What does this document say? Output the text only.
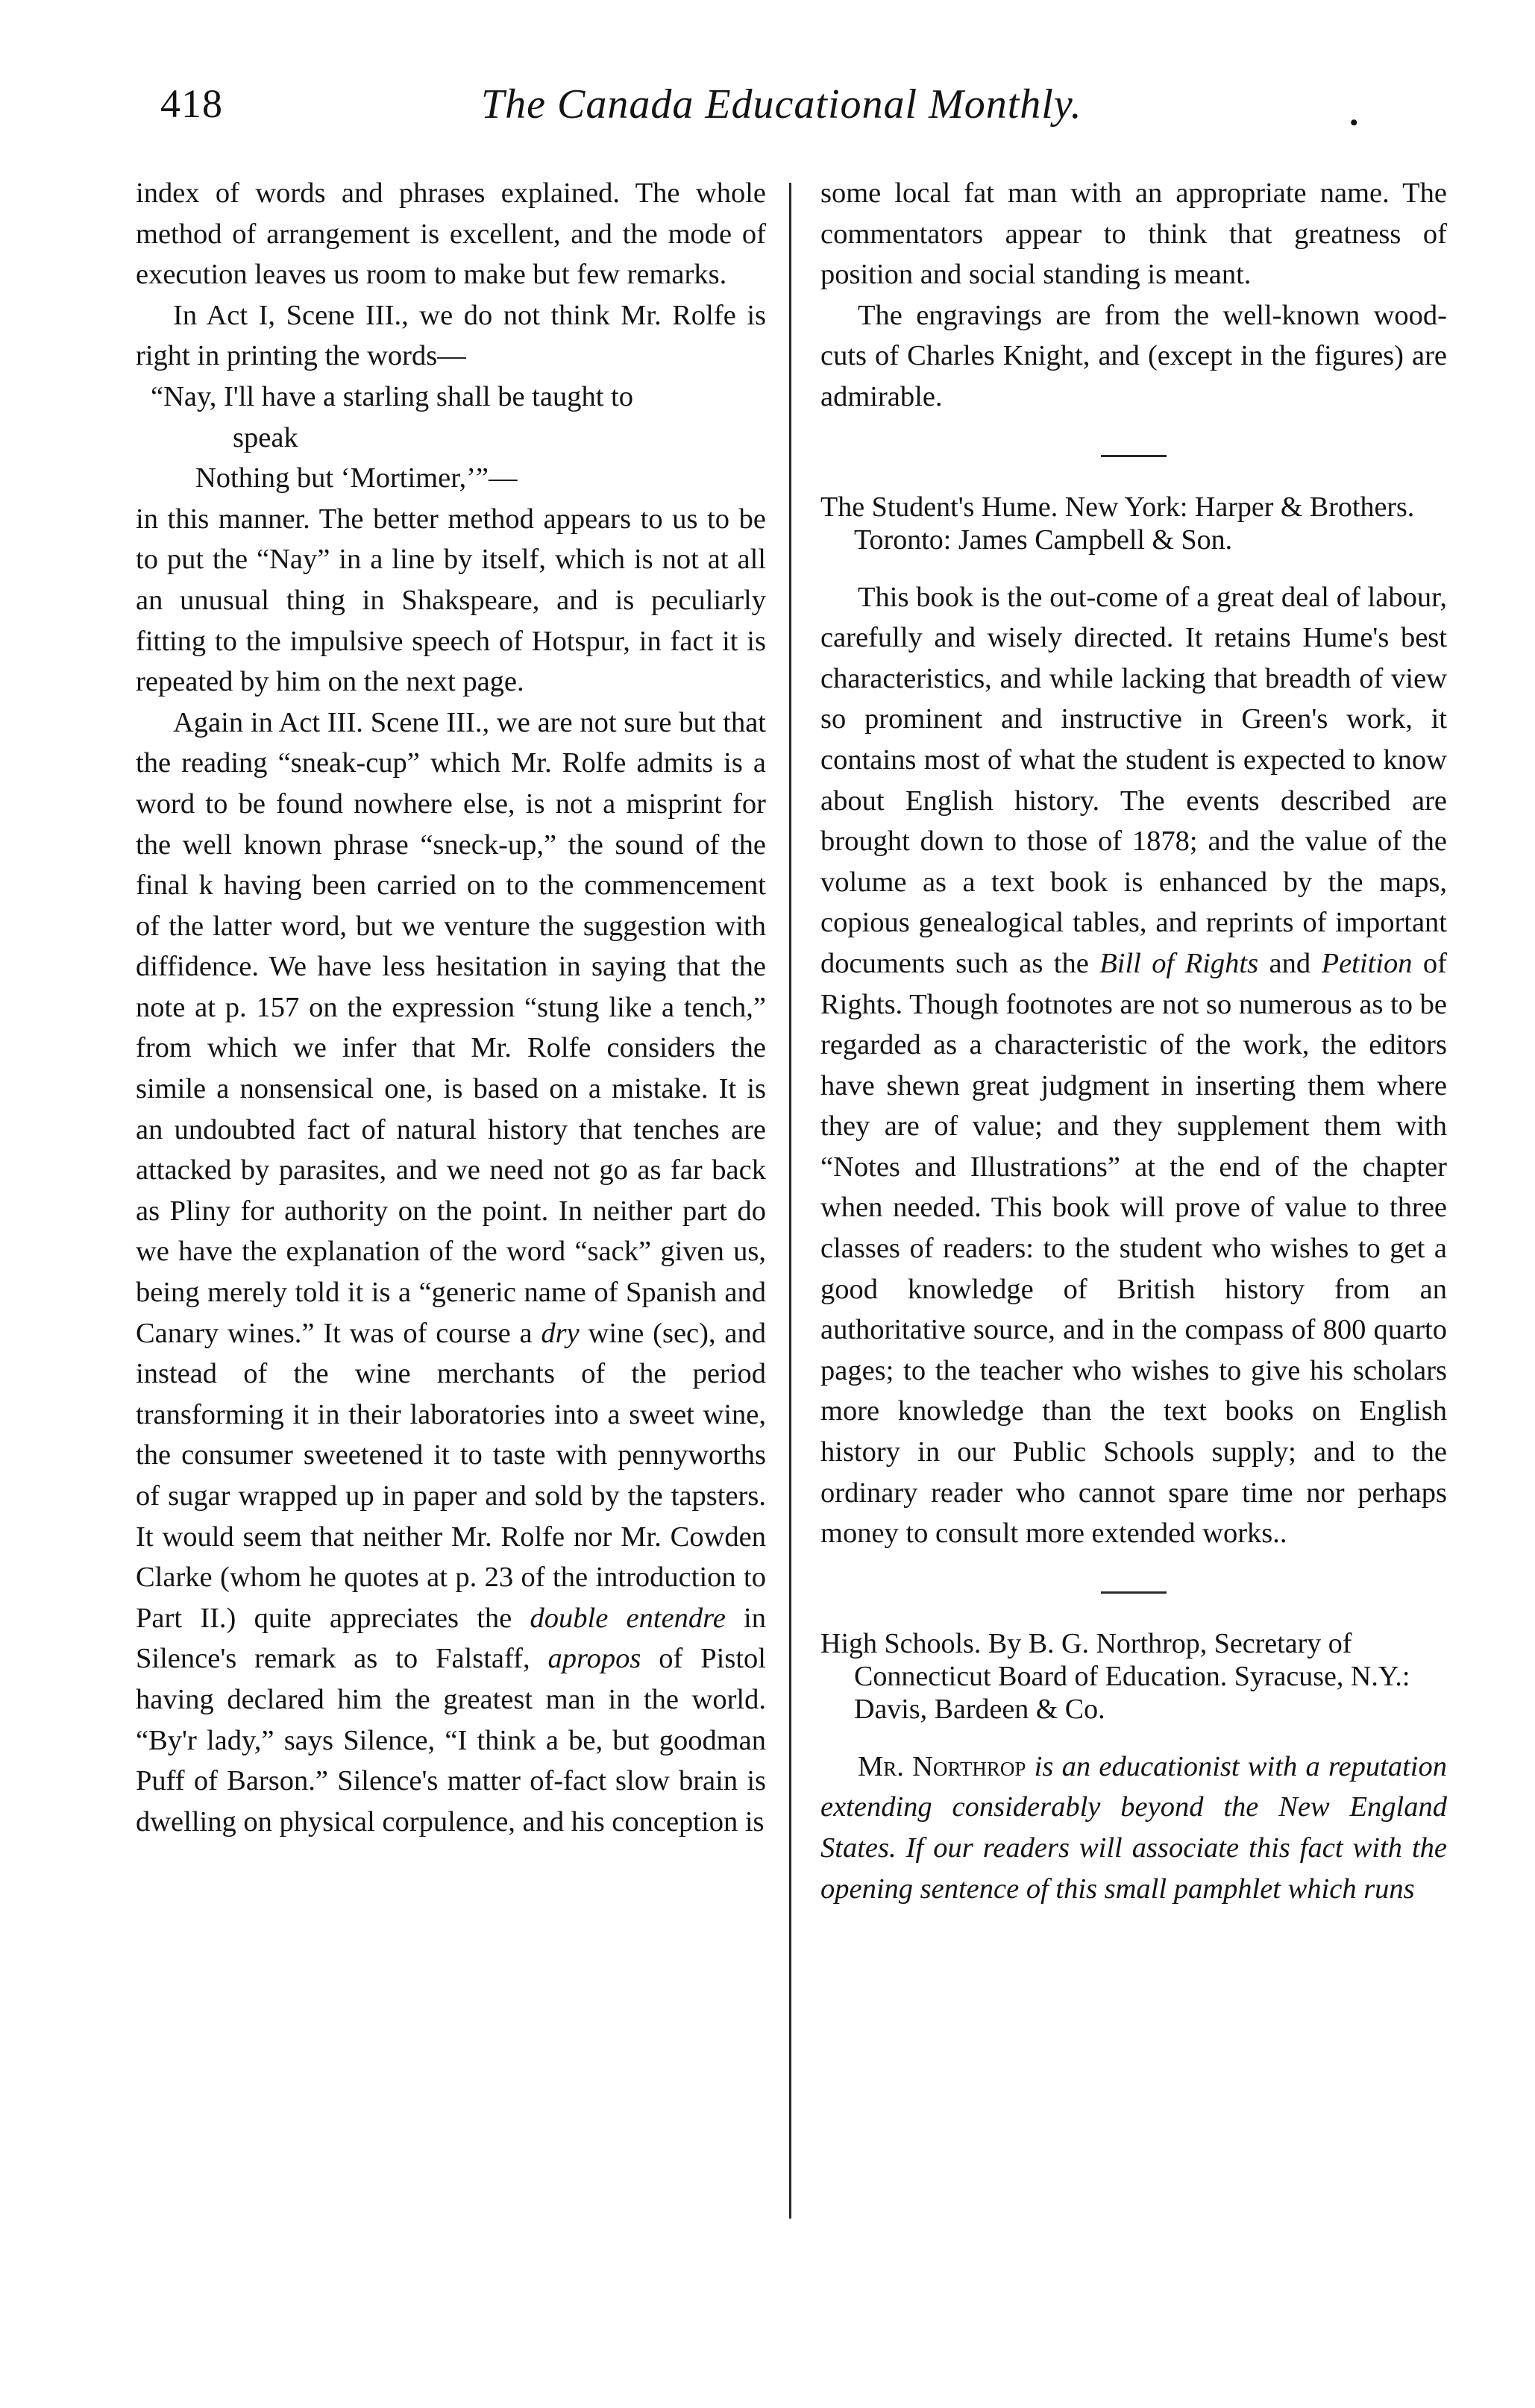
418	The Canada Educational Monthly.	•

index of words and phrases explained. The whole method of arrangement is excellent, and the mode of execution leaves us room to make but few remarks.

In Act I, Scene III., we do not think Mr. Rolfe is right in printing the words—

“Nay, I'll have a starling shall be taught to
speak
Nothing but ‘Mortimer,’”—

in this manner. The better method appears to us to be to put the “Nay” in a line by itself, which is not at all an unusual thing in Shakspeare, and is peculiarly fitting to the impulsive speech of Hotspur, in fact it is repeated by him on the next page.

Again in Act III. Scene III., we are not sure but that the reading “sneak-cup” which Mr. Rolfe admits is a word to be found nowhere else, is not a misprint for the well known phrase “sneck-up,” the sound of the final k having been carried on to the commencement of the latter word, but we venture the suggestion with diffidence. We have less hesitation in saying that the note at p. 157 on the expression “stung like a tench,” from which we infer that Mr. Rolfe considers the simile a nonsensical one, is based on a mistake. It is an undoubted fact of natural history that tenches are attacked by parasites, and we need not go as far back as Pliny for authority on the point. In neither part do we have the explanation of the word “sack” given us, being merely told it is a “generic name of Spanish and Canary wines.” It was of course a dry wine (sec), and instead of the wine merchants of the period transforming it in their laboratories into a sweet wine, the consumer sweetened it to taste with pennyworths of sugar wrapped up in paper and sold by the tapsters. It would seem that neither Mr. Rolfe nor Mr. Cowden Clarke (whom he quotes at p. 23 of the introduction to Part II.) quite appreciates the double entendre in Silence's remark as to Falstaff, apropos of Pistol having declared him the greatest man in the world. “By'r lady,” says Silence, “I think a be, but goodman Puff of Barson.” Silence's matter of-fact slow brain is dwelling on physical corpulence, and his conception is

some local fat man with an appropriate name. The commentators appear to think that greatness of position and social standing is meant.

The engravings are from the well-known wood-cuts of Charles Knight, and (except in the figures) are admirable.

The Student's Hume. New York: Harper & Brothers. Toronto: James Campbell & Son.

This book is the out-come of a great deal of labour, carefully and wisely directed. It retains Hume's best characteristics, and while lacking that breadth of view so prominent and instructive in Green's work, it contains most of what the student is expected to know about English history. The events described are brought down to those of 1878; and the value of the volume as a text book is enhanced by the maps, copious genealogical tables, and reprints of important documents such as the Bill of Rights and Petition of Rights. Though footnotes are not so numerous as to be regarded as a characteristic of the work, the editors have shewn great judgment in inserting them where they are of value; and they supplement them with “Notes and Illustrations” at the end of the chapter when needed. This book will prove of value to three classes of readers: to the student who wishes to get a good knowledge of British history from an authoritative source, and in the compass of 800 quarto pages; to the teacher who wishes to give his scholars more knowledge than the text books on English history in our Public Schools supply; and to the ordinary reader who cannot spare time nor perhaps money to consult more extended works..

High Schools. By B. G. Northrop, Secretary of Connecticut Board of Education. Syracuse, N.Y.: Davis, Bardeen & Co.

Mr. Northrop is an educationist with a reputation extending considerably beyond the New England States. If our readers will associate this fact with the opening sentence of this small pamphlet which runs
